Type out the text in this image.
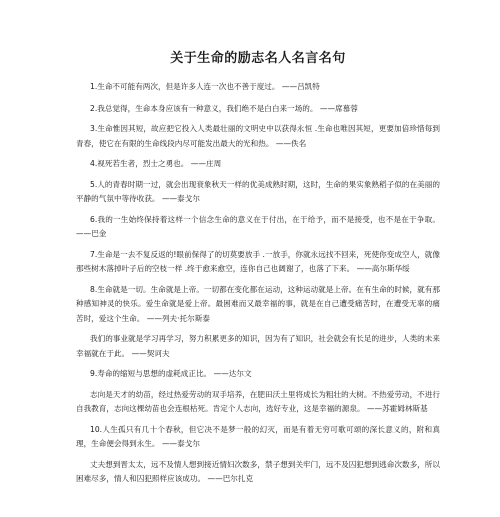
关于生命的励志名人名言名句

1.生命不可能有两次，但是许多人连一次也不善于度过。 ——吕凯特

2.我总觉得，生命本身应该有一种意义，我们绝不是白白来一场的。 ——席慕蓉

3.生命惟因其短，故应把它投入人类最壮丽的文明史中以获得永恒 .生命也唯因其短，更要加倍珍惜每到青春，使它在有限的生命线段内尽可能发出最大的光和热。 ——佚名

4.视死若生者，烈士之勇也。 ——庄周

5.人的青春时期一过，就会出现衰象秋天一样的优美成熟时期，这时，生命的果实象熟稻子似的在美丽的平静的气氛中等待收获。 ——泰戈尔

6.我的一生始终保持着这样一个信念生命的意义在于付出，在于给予，而不是接受，也不是在于争取。 ——巴金

7.生命是一去不复反返的!眼前保得了的切莫要放手 .一放手，你就永远找不回来，死使你变成空人，就像那些树木落掉叶子后的空枝一样 .终于愈来愈空，连你自己也阔谢了，也落了下来。 ——高尔斯华绥

8.生命就是一切。生命就是上帝。一切都在变化都在运动，这种运动就是上帝。在有生命的时候，就有那种感知神灵的快乐。爱生命就是爱上帝。最困难而又最幸福的事，就是在自己遭受痛苦时，在遭受无辜的痛苦时，爱这个生命。 ——列夫·托尔斯泰

我们的事业就是学习再学习，努力积累更多的知识，因为有了知识，社会就会有长足的进步，人类的未来幸福就在于此。 ——契诃夫

9.寿命的缩短与思想的虚耗成正比。 ——达尔文

志向是天才的幼苗，经过热爱劳动的双手培养，在肥田沃土里将成长为粗壮的大树。不热爱劳动，不进行自我教育，志向这棵幼苗也会连根枯死。肯定个人志向，选好专业，这是幸福的源泉。 ——苏霍姆林斯基

10.人生孤只有几十个春秋，但它决不是梦一般的幻灭，而是有着无穷可歌可颂的深长意义的，附和真理，生命便会得到永生。 ——泰戈尔

丈夫想到晋太太，远不及情人想到接近情妇次数多，禁子想到关牢门，远不及囚犯想到逃命次数多，所以困难尽多，情人和囚犯照样应该成功。 ——巴尔扎克
